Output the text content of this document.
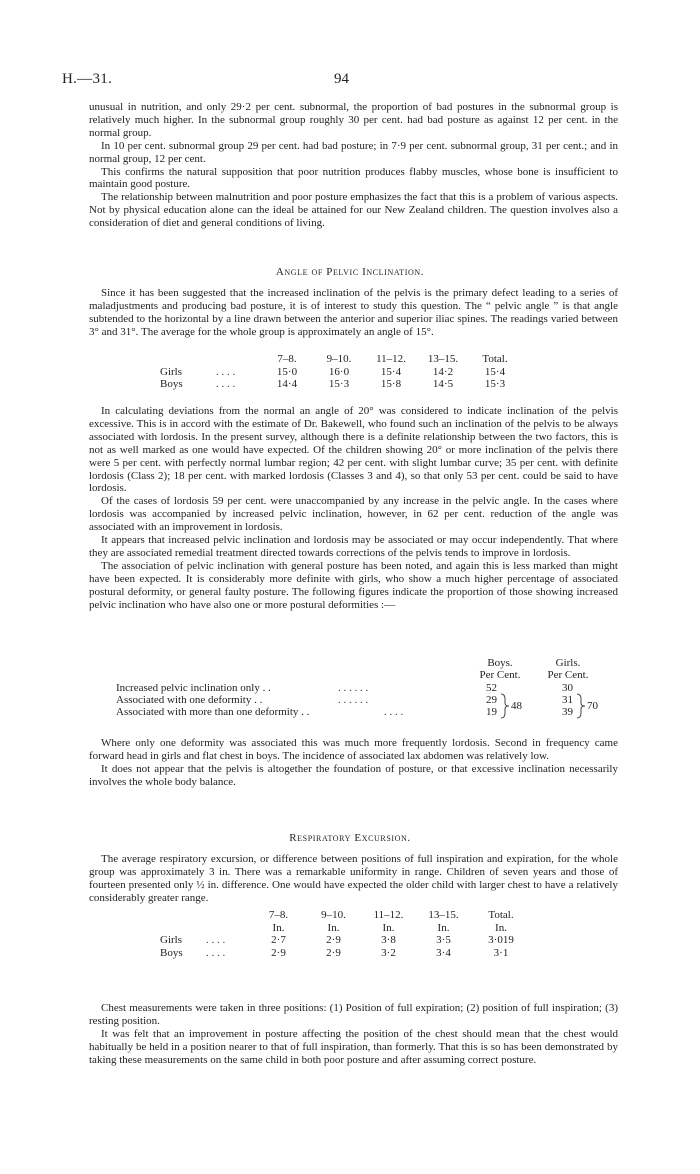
H.—31.	94

unusual in nutrition, and only 29·2 per cent. subnormal, the proportion of bad postures in the subnormal group is relatively much higher. In the subnormal group roughly 30 per cent. had bad posture as against 12 per cent. in the normal group.

In 10 per cent. subnormal group 29 per cent. had bad posture; in 7·9 per cent. subnormal group, 31 per cent.; and in normal group, 12 per cent.

This confirms the natural supposition that poor nutrition produces flabby muscles, whose bone is insufficient to maintain good posture.

The relationship between malnutrition and poor posture emphasizes the fact that this is a problem of various aspects. Not by physical education alone can the ideal be attained for our New Zealand children. The question involves also a consideration of diet and general conditions of living.

Angle of Pelvic Inclination.

Since it has been suggested that the increased inclination of the pelvis is the primary defect leading to a series of maladjustments and producing bad posture, it is of interest to study this question. The “ pelvic angle ” is that angle subtended to the horizontal by a line drawn between the anterior and superior iliac spines. The readings varied between 3° and 31°. The average for the whole group is approximately an angle of 15°.

		7–8.	9–10.	11–12.	13–15.	Total.
Girls	. . . .	15·0	16·0	15·4	14·2	15·4
Boys	. . . .	14·4	15·3	15·8	14·5	15·3

In calculating deviations from the normal an angle of 20° was considered to indicate inclination of the pelvis excessive. This is in accord with the estimate of Dr. Bakewell, who found such an inclination of the pelvis to be always associated with lordosis. In the present survey, although there is a definite relationship between the two factors, this is not as well marked as one would have expected. Of the children showing 20° or more inclination of the pelvis there were 5 per cent. with perfectly normal lumbar region; 42 per cent. with slight lumbar curve; 35 per cent. with definite lordosis (Class 2); 18 per cent. with marked lordosis (Classes 3 and 4), so that only 53 per cent. could be said to have lordosis.

Of the cases of lordosis 59 per cent. were unaccompanied by any increase in the pelvic angle. In the cases where lordosis was accompanied by increased pelvic inclination, however, in 62 per cent. reduction of the angle was associated with an improvement in lordosis.

It appears that increased pelvic inclination and lordosis may be associated or may occur independently. That where they are associated remedial treatment directed towards corrections of the pelvis tends to improve in lordosis.

The association of pelvic inclination with general posture has been noted, and again this is less marked than might have been expected. It is considerably more definite with girls, who show a much higher percentage of associated postural deformity, or general faulty posture. The following figures indicate the proportion of those showing increased pelvic inclination who have also one or more postural deformities :—

Boys.	Girls.
Per Cent.	Per Cent.
Increased pelvic inclination only . .	. . . . . .	52	30
Associated with one deformity . .	. . . . . .	29	31
Associated with more than one deformity . .	. . . .	19	39
48	70

Where only one deformity was associated this was much more frequently lordosis. Second in frequency came forward head in girls and flat chest in boys. The incidence of associated lax abdomen was relatively low.

It does not appear that the pelvis is altogether the foundation of posture, or that excessive inclination necessarily involves the whole body balance.

Respiratory Excursion.

The average respiratory excursion, or difference between positions of full inspiration and expiration, for the whole group was approximately 3 in. There was a remarkable uniformity in range. Children of seven years and those of fourteen presented only ½ in. difference. One would have expected the older child with larger chest to have a relatively considerably greater range.

		7–8.	9–10.	11–12.	13–15.	Total.
		In.	In.	In.	In.	In.
Girls	. . . .	2·7	2·9	3·8	3·5	3·019
Boys	. . . .	2·9	2·9	3·2	3·4	3·1

Chest measurements were taken in three positions: (1) Position of full expiration; (2) position of full inspiration; (3) resting position.

It was felt that an improvement in posture affecting the position of the chest should mean that the chest would habitually be held in a position nearer to that of full inspiration, than formerly. That this is so has been demonstrated by taking these measurements on the same child in both poor posture and after assuming correct posture.
